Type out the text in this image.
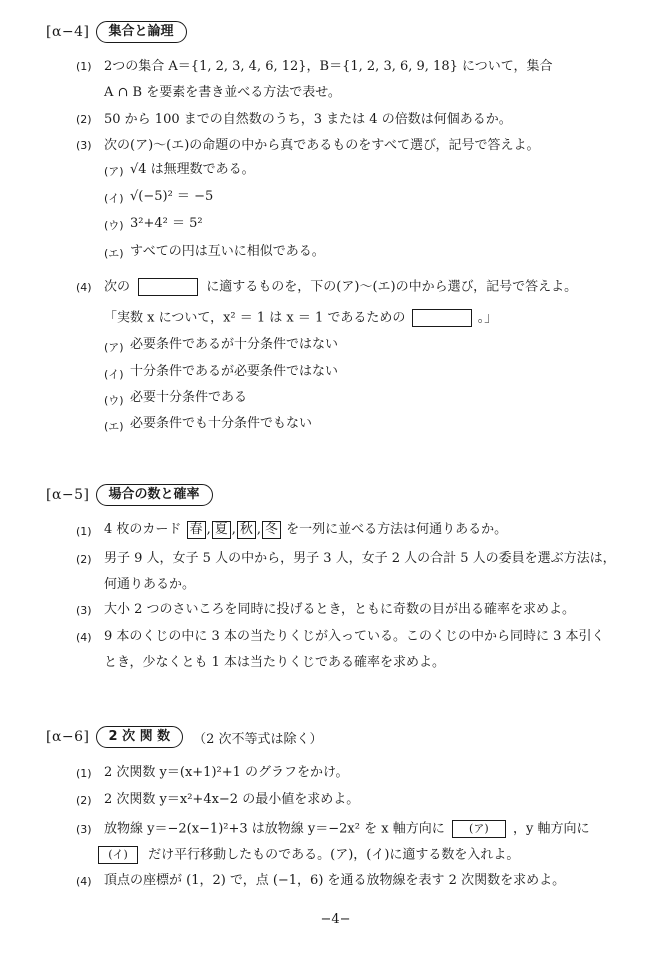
[α−4]	集合と論理
(1) 2つの集合 A＝{1, 2, 3, 4, 6, 12}，B＝{1, 2, 3, 6, 9, 18} について，集合
A ∩ B を要素を書き並べる方法で表せ。
(2) 50 から 100 までの自然数のうち，3 または 4 の倍数は何個あるか。
(3) 次の(ア)～(エ)の命題の中から真であるものをすべて選び，記号で答えよ。
(ア) √4 は無理数である。
(イ) √(−5)² ＝ −5
(ウ) 3²+4² ＝ 5²
(エ) すべての円は互いに相似である。
(4) 次の	に適するものを，下の(ア)～(エ)の中から選び，記号で答えよ。
「実数 x について，x² ＝ 1 は x ＝ 1 であるための	。」
(ア) 必要条件であるが十分条件ではない
(イ) 十分条件であるが必要条件ではない
(ウ) 必要十分条件である
(エ) 必要条件でも十分条件でもない
[α−5]	場合の数と確率
(1) 4 枚のカード 春 , 夏 , 秋 , 冬 を一列に並べる方法は何通りあるか。
(2) 男子 9 人，女子 5 人の中から，男子 3 人，女子 2 人の合計 5 人の委員を選ぶ方法は，
何通りあるか。
(3) 大小 2 つのさいころを同時に投げるとき，ともに奇数の目が出る確率を求めよ。
(4) 9 本のくじの中に 3 本の当たりくじが入っている。このくじの中から同時に 3 本引く
とき，少なくとも 1 本は当たりくじである確率を求めよ。
[α−6]	2 次 関 数	（2 次不等式は除く）
(1) 2 次関数 y＝(x+1)²+1 のグラフをかけ。
(2) 2 次関数 y＝x²+4x−2 の最小値を求めよ。
(3) 放物線 y＝−2(x−1)²+3 は放物線 y＝−2x² を x 軸方向に (ア) ，y 軸方向に
(イ) だけ平行移動したものである。(ア)，(イ)に適する数を入れよ。
(4) 頂点の座標が (1，2) で，点 (−1，6) を通る放物線を表す 2 次関数を求めよ。
−4−
